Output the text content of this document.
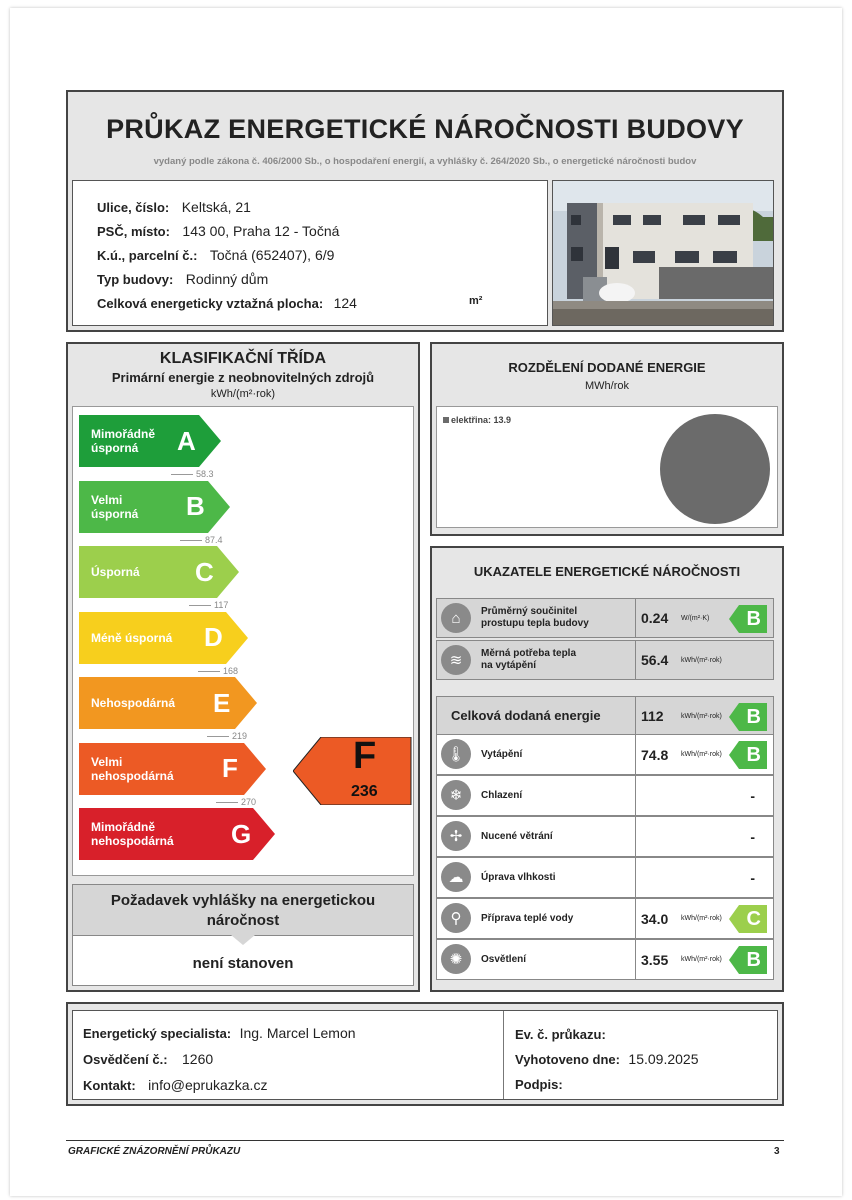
PRŮKAZ ENERGETICKÉ NÁROČNOSTI BUDOVY
vydaný podle zákona č. 406/2000 Sb., o hospodaření energií, a vyhlášky č. 264/2020 Sb., o energetické náročnosti budov
Ulice, číslo: Keltská, 21
PSČ, místo: 143 00, Praha 12 - Točná
K.ú., parcelní č.: Točná (652407), 6/9
Typ budovy: Rodinný dům
Celková energeticky vztažná plocha: 124	m²
KLASIFIKAČNÍ TŘÍDA
Primární energie z neobnovitelných zdrojů
kWh/(m²·rok)
Mimořádně
úsporná	A
58.3
Velmi
úsporná B
87.4
Úsporná C
117
Méně úsporná D
168
Nehospodárná E
219
Velmi
nehospodárná F
270
Mimořádně
nehospodárná G
F
236
Požadavek vyhlášky na energetickou náročnost
není stanoven
ROZDĚLENÍ DODANÉ ENERGIE
MWh/rok
elektřina: 13.9
UKAZATELE ENERGETICKÉ NÁROČNOSTI
⌂	Průměrný součinitel
prostupu tepla budovy	0.24 W/(m²·K) B
≋	Měrná potřeba tepla
na vytápění	56.4 kWh/(m²·rok)
Celková dodaná energie	112 kWh/(m²·rok) B
🌡	Vytápění	74.8 kWh/(m²·rok) B
❄	Chlazení	-
✢	Nucené větrání	-
☁	Úprava vlhkosti	-
⚲	Příprava teplé vody	34.0 kWh/(m²·rok) C
✺	Osvětlení	3.55 kWh/(m²·rok) B
Energetický specialista: Ing. Marcel Lemon
Osvědčení č.: 1260
Kontakt: info@eprukazka.cz
Ev. č. průkazu:
Vyhotoveno dne: 15.09.2025
Podpis:
GRAFICKÉ ZNÁZORNĚNÍ PRŮKAZU	3
